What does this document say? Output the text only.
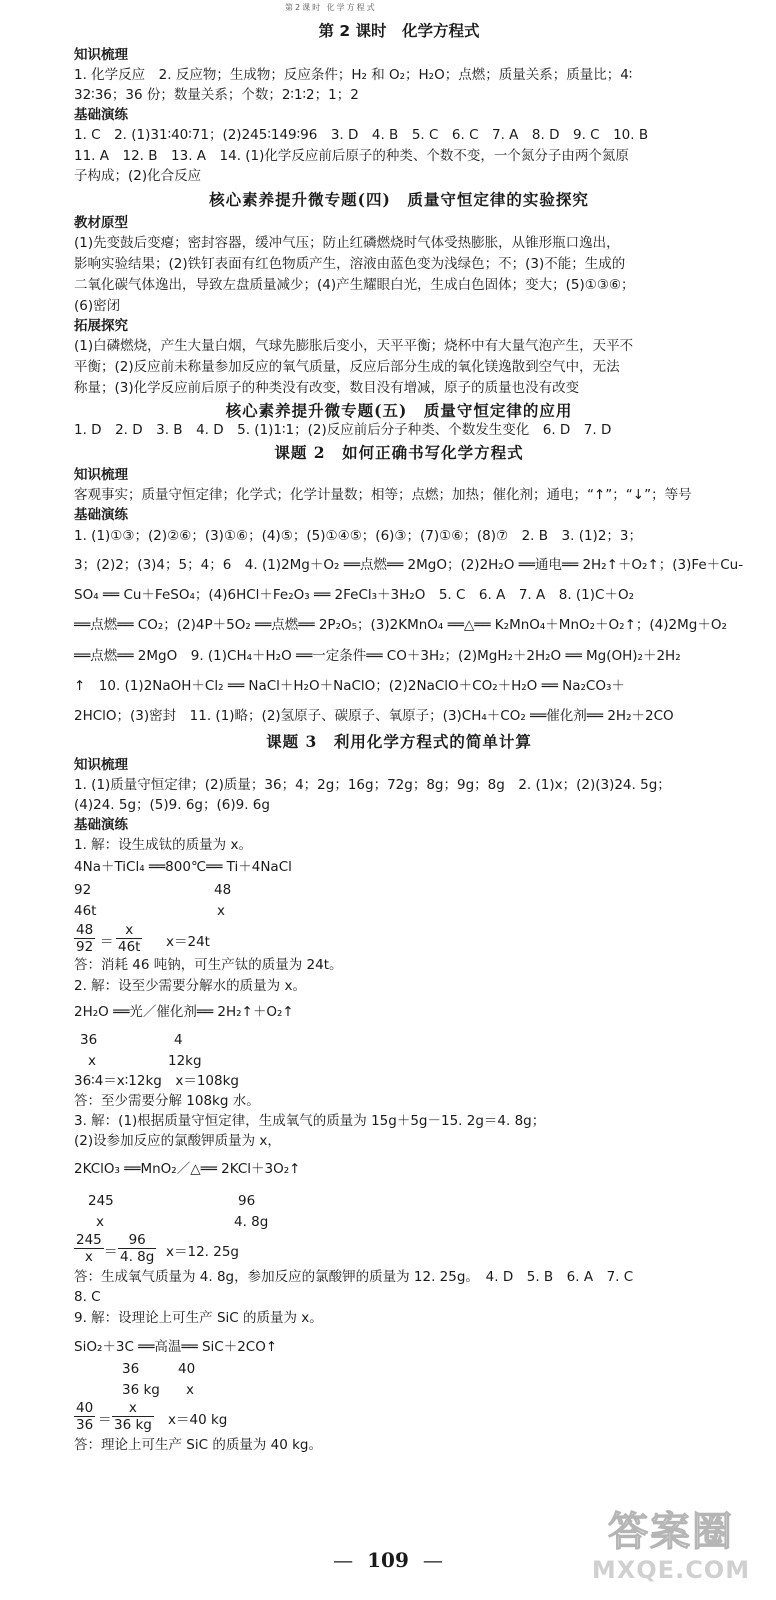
第2课时 化学方程式
第 2 课时　化学方程式
知识梳理
1. 化学反应　2. 反应物；生成物；反应条件；H₂ 和 O₂；H₂O；点燃；质量关系；质量比；4∶
32∶36；36 份；数量关系；个数；2∶1∶2；1；2
基础演练
1. C　2. (1)31∶40∶71；(2)245∶149∶96　3. D　4. B　5. C　6. C　7. A　8. D　9. C　10. B
11. A　12. B　13. A　14. (1)化学反应前后原子的种类、个数不变，一个氮分子由两个氮原
子构成；(2)化合反应
核心素养提升微专题(四)　质量守恒定律的实验探究
教材原型
(1)先变鼓后变瘪；密封容器，缓冲气压；防止红磷燃烧时气体受热膨胀，从锥形瓶口逸出，
影响实验结果；(2)铁钉表面有红色物质产生，溶液由蓝色变为浅绿色；不；(3)不能；生成的
二氧化碳气体逸出，导致左盘质量减少；(4)产生耀眼白光，生成白色固体；变大；(5)①③⑥；
(6)密闭
拓展探究
(1)白磷燃烧，产生大量白烟，气球先膨胀后变小，天平平衡；烧杯中有大量气泡产生，天平不
平衡；(2)反应前未称量参加反应的氧气质量，反应后部分生成的氧化镁逸散到空气中，无法
称量；(3)化学反应前后原子的种类没有改变，数目没有增减，原子的质量也没有改变
核心素养提升微专题(五)　质量守恒定律的应用
1. D　2. D　3. B　4. D　5. (1)1∶1；(2)反应前后分子种类、个数发生变化　6. D　7. D
课题 2　如何正确书写化学方程式
知识梳理
客观事实；质量守恒定律；化学式；化学计量数；相等；点燃；加热；催化剂；通电；“↑”；“↓”；等号
基础演练
1. (1)①③；(2)②⑥；(3)①⑥；(4)⑤；(5)①④⑤；(6)③；(7)①⑥；(8)⑦　2. B　3. (1)2；3；
3；(2)2；(3)4；5；4；6　4. (1)2Mg＋O₂ ══点燃══ 2MgO；(2)2H₂O ══通电══ 2H₂↑＋O₂↑；(3)Fe＋Cu-
SO₄ ══ Cu＋FeSO₄；(4)6HCl＋Fe₂O₃ ══ 2FeCl₃＋3H₂O　5. C　6. A　7. A　8. (1)C＋O₂
══点燃══ CO₂；(2)4P＋5O₂ ══点燃══ 2P₂O₅；(3)2KMnO₄ ══△══ K₂MnO₄＋MnO₂＋O₂↑；(4)2Mg＋O₂
══点燃══ 2MgO　9. (1)CH₄＋H₂O ══一定条件══ CO＋3H₂；(2)MgH₂＋2H₂O ══ Mg(OH)₂＋2H₂
↑　10. (1)2NaOH＋Cl₂ ══ NaCl＋H₂O＋NaClO；(2)2NaClO＋CO₂＋H₂O ══ Na₂CO₃＋
2HClO；(3)密封　11. (1)略；(2)氢原子、碳原子、氧原子；(3)CH₄＋CO₂ ══催化剂══ 2H₂＋2CO
课题 3　利用化学方程式的简单计算
知识梳理
1. (1)质量守恒定律；(2)质量；36；4；2g；16g；72g；8g；9g；8g　2. (1)x；(2)(3)24. 5g；
(4)24. 5g；(5)9. 6g；(6)9. 6g
基础演练
1. 解：设生成钛的质量为 x。
4Na＋TiCl₄ ══800℃══ Ti＋4NaCl
92	48
46t	x
$\frac{48}{92} = \frac{x}{46t} x=24t$
答：消耗 46 吨钠，可生产钛的质量为 24t。
2. 解：设至少需要分解水的质量为 x。
2H₂O ══光／催化剂══ 2H₂↑＋O₂↑
36	4
x	12kg
36∶4＝x∶12kg　x＝108kg
答：至少需要分解 108kg 水。
3. 解：(1)根据质量守恒定律，生成氧气的质量为 15g＋5g－15. 2g＝4. 8g；
(2)设参加反应的氯酸钾质量为 x，
2KClO₃ ══MnO₂／△══ 2KCl＋3O₂↑
245	96
x	4. 8g
$\frac{245}{x} = \frac{96}{4. 8g} x=12$. 25g
答：生成氧气质量为 4. 8g，参加反应的氯酸钾的质量为 12. 25g。　4. D　5. B　6. A　7. C
8. C
9. 解：设理论上可生产 SiC 的质量为 x。
SiO₂＋3C ══高温══ SiC＋2CO↑
36	40
36 kg x
$\frac{40}{36} = \frac{x}{36 kg} x=40$ kg
答：理论上可生产 SiC 的质量为 40 kg。
— 109 —
答案圈
MXQE.COM
